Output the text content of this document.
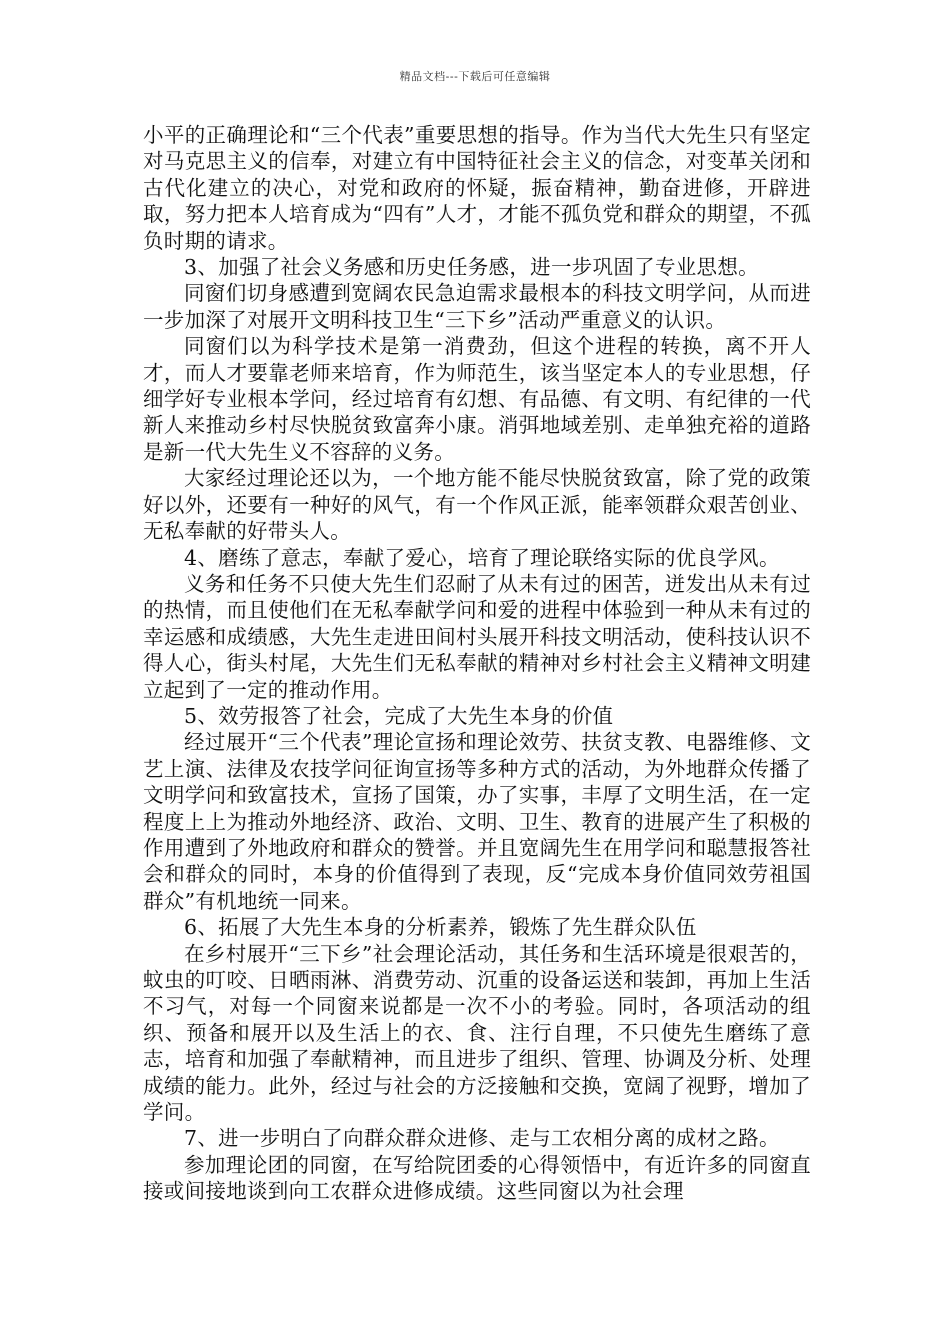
精品文档---下载后可任意编辑

小平的正确理论和“三个代表”重要思想的指导。作为当代大先生只有坚定对马克思主义的信奉，对建立有中国特征社会主义的信念，对变革关闭和古代化建立的决心，对党和政府的怀疑，振奋精神，勤奋进修，开辟进取，努力把本人培育成为“四有”人才，才能不孤负党和群众的期望，不孤负时期的请求。

3、加强了社会义务感和历史任务感，进一步巩固了专业思想。

同窗们切身感遭到宽阔农民急迫需求最根本的科技文明学问，从而进一步加深了对展开文明科技卫生“三下乡”活动严重意义的认识。

同窗们以为科学技术是第一消费劲，但这个进程的转换，离不开人才，而人才要靠老师来培育，作为师范生，该当坚定本人的专业思想，仔细学好专业根本学问，经过培育有幻想、有品德、有文明、有纪律的一代新人来推动乡村尽快脱贫致富奔小康。消弭地域差别、走单独充裕的道路是新一代大先生义不容辞的义务。

大家经过理论还以为，一个地方能不能尽快脱贫致富，除了党的政策好以外，还要有一种好的风气，有一个作风正派，能率领群众艰苦创业、无私奉献的好带头人。

4、磨练了意志，奉献了爱心，培育了理论联络实际的优良学风。

义务和任务不只使大先生们忍耐了从未有过的困苦，迸发出从未有过的热情，而且使他们在无私奉献学问和爱的进程中体验到一种从未有过的幸运感和成绩感，大先生走进田间村头展开科技文明活动，使科技认识不得人心，街头村尾，大先生们无私奉献的精神对乡村社会主义精神文明建立起到了一定的推动作用。

5、效劳报答了社会，完成了大先生本身的价值

经过展开“三个代表”理论宣扬和理论效劳、扶贫支教、电器维修、文艺上演、法律及农技学问征询宣扬等多种方式的活动，为外地群众传播了文明学问和致富技术，宣扬了国策，办了实事，丰厚了文明生活，在一定程度上上为推动外地经济、政治、文明、卫生、教育的进展产生了积极的作用遭到了外地政府和群众的赞誉。并且宽阔先生在用学问和聪慧报答社会和群众的同时，本身的价值得到了表现，反“完成本身价值同效劳祖国群众”有机地统一同来。

6、拓展了大先生本身的分析素养，锻炼了先生群众队伍

在乡村展开“三下乡”社会理论活动，其任务和生活环境是很艰苦的，蚊虫的叮咬、日晒雨淋、消费劳动、沉重的设备运送和装卸，再加上生活不习气，对每一个同窗来说都是一次不小的考验。同时，各项活动的组织、预备和展开以及生活上的衣、食、注行自理，不只使先生磨练了意志，培育和加强了奉献精神，而且进步了组织、管理、协调及分析、处理成绩的能力。此外，经过与社会的方泛接触和交换，宽阔了视野，增加了学问。

7、进一步明白了向群众群众进修、走与工农相分离的成材之路。

参加理论团的同窗，在写给院团委的心得领悟中，有近许多的同窗直接或间接地谈到向工农群众进修成绩。这些同窗以为社会理
